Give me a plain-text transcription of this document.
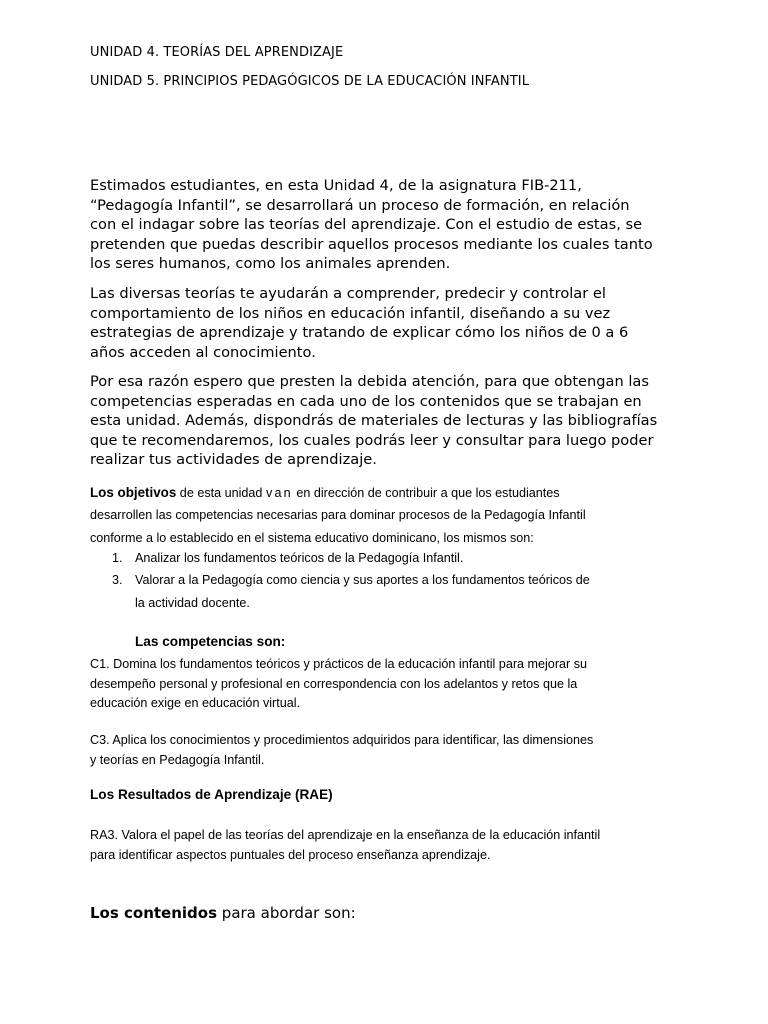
UNIDAD 4. TEORÍAS DEL APRENDIZAJE
UNIDAD 5. PRINCIPIOS PEDAGÓGICOS DE LA EDUCACIÓN INFANTIL
Estimados estudiantes, en esta Unidad 4, de la asignatura FIB-211,
“Pedagogía Infantil”, se desarrollará un proceso de formación, en relación
con el indagar sobre las teorías del aprendizaje. Con el estudio de estas, se
pretenden que puedas describir aquellos procesos mediante los cuales tanto
los seres humanos, como los animales aprenden.
Las diversas teorías te ayudarán a comprender, predecir y controlar el
comportamiento de los niños en educación infantil, diseñando a su vez
estrategias de aprendizaje y tratando de explicar cómo los niños de 0 a 6
años acceden al conocimiento.
Por esa razón espero que presten la debida atención, para que obtengan las
competencias esperadas en cada uno de los contenidos que se trabajan en
esta unidad. Además, dispondrás de materiales de lecturas y las bibliografías
que te recomendaremos, los cuales podrás leer y consultar para luego poder
realizar tus actividades de aprendizaje.
Los objetivos de esta unidad van en dirección de contribuir a que los estudiantes
desarrollen las competencias necesarias para dominar procesos de la Pedagogía Infantil
conforme a lo establecido en el sistema educativo dominicano, los mismos son:
1. Analizar los fundamentos teóricos de la Pedagogía Infantil.
3. Valorar a la Pedagogía como ciencia y sus aportes a los fundamentos teóricos de
la actividad docente.
Las competencias son:
C1. Domina los fundamentos teóricos y prácticos de la educación infantil para mejorar su
desempeño personal y profesional en correspondencia con los adelantos y retos que la
educación exige en educación virtual.
C3. Aplica los conocimientos y procedimientos adquiridos para identificar, las dimensiones
y teorías en Pedagogía Infantil.
Los Resultados de Aprendizaje (RAE)
RA3. Valora el papel de las teorías del aprendizaje en la enseñanza de la educación infantil
para identificar aspectos puntuales del proceso enseñanza aprendizaje.
Los contenidos para abordar son:
